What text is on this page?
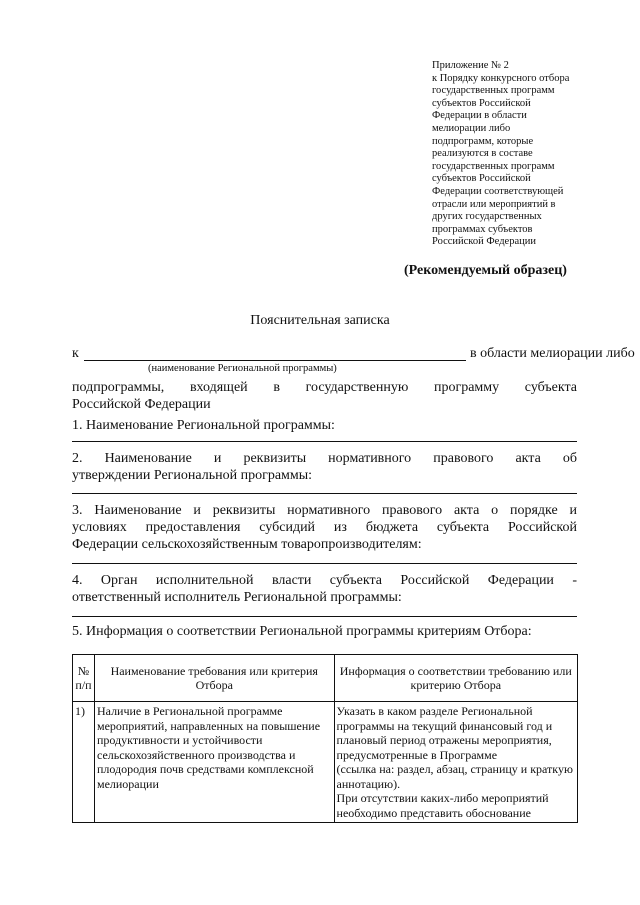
Приложение № 2
к Порядку конкурсного отбора
государственных программ
субъектов Российской
Федерации в области
мелиорации либо
подпрограмм, которые
реализуются в составе
государственных программ
субъектов Российской
Федерации соответствующей
отрасли или мероприятий в
других государственных
программах субъектов
Российской Федерации
(Рекомендуемый образец)
Пояснительная записка
к	в области мелиорации либо
(наименование Региональной программы)
подпрограммы, входящей в государственную программу субъекта
Российской Федерации
1. Наименование Региональной программы:
2. Наименование и реквизиты нормативного правового акта об
утверждении Региональной программы:
3. Наименование и реквизиты нормативного правового акта о порядке и
условиях предоставления субсидий из бюджета субъекта Российской
Федерации сельскохозяйственным товаропроизводителям:
4. Орган исполнительной власти субъекта Российской Федерации -
ответственный исполнитель Региональной программы:
5. Информация о соответствии Региональной программы критериям Отбора:
№ п/п	Наименование требования или критерия Отбора	Информация о соответствии требованию или критерию Отбора
1)	Наличие в Региональной программе мероприятий, направленных на повышение продуктивности и устойчивости сельскохозяйственного производства и плодородия почв средствами комплексной мелиорации	Указать в каком разделе Региональной программы на текущий финансовый год и плановый период отражены мероприятия, предусмотренные в Программе
(ссылка на: раздел, абзац, страницу и краткую аннотацию).
При отсутствии каких-либо мероприятий необходимо представить обоснование
